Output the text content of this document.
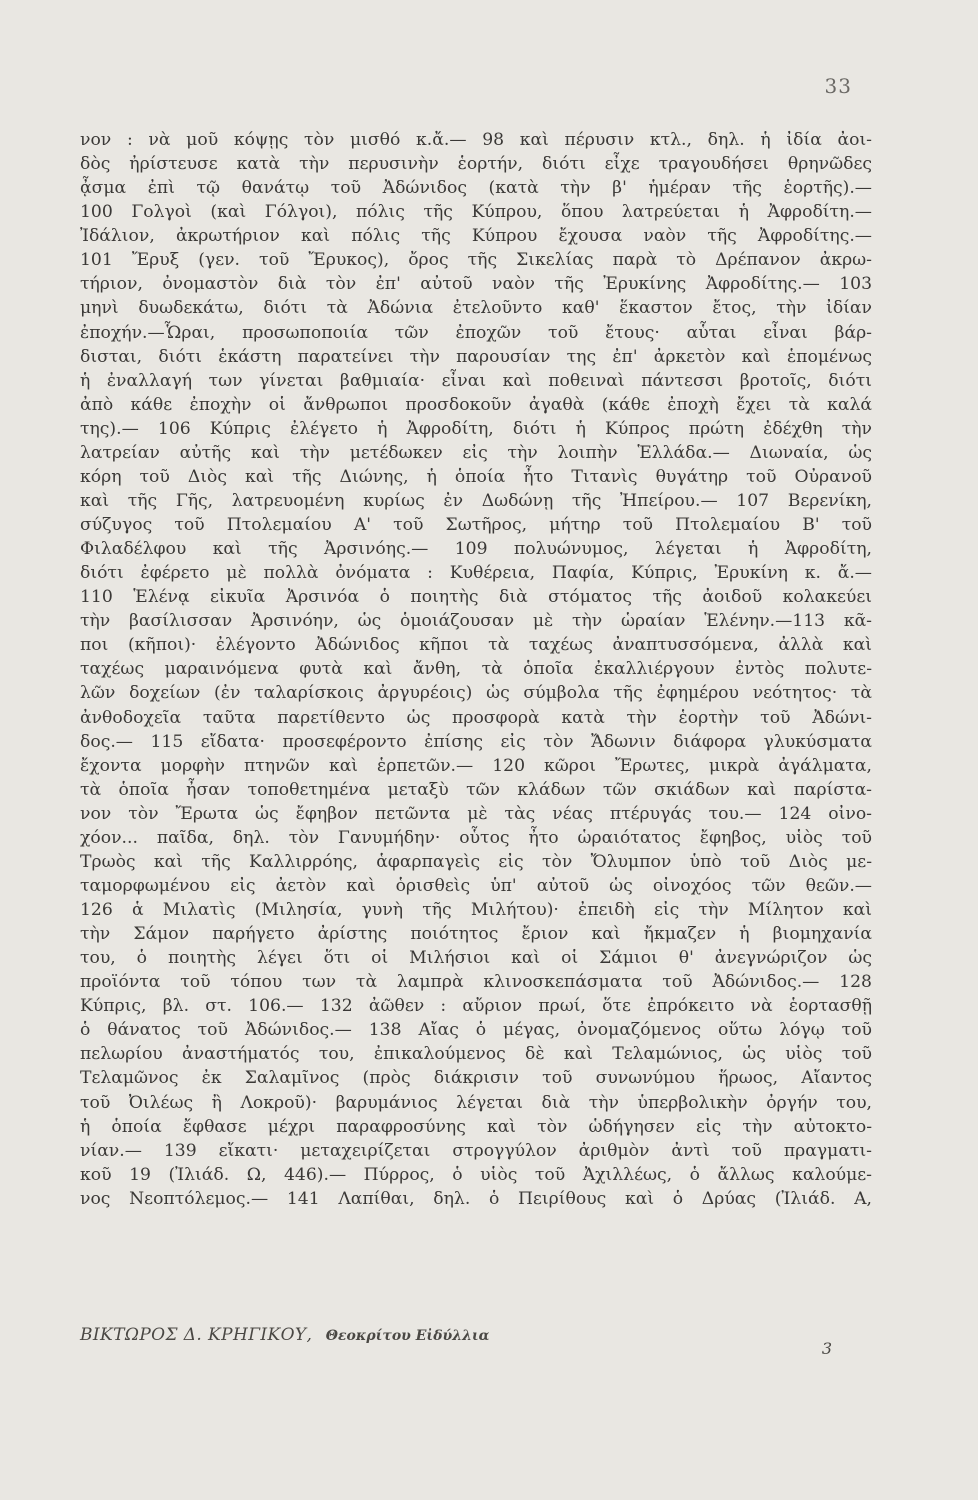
33
νον : νὰ μοῦ κόψῃς τὸν μισθό κ.ἄ.— 98 καὶ πέρυσιν κτλ., δηλ. ἡ ἰδία ἀοι-
δὸς ἠρίστευσε κατὰ τὴν περυσινὴν ἑορτήν, διότι εἶχε τραγουδήσει θρηνῶδες
ᾆσμα ἐπὶ τῷ θανάτῳ τοῦ Ἀδώνιδος (κατὰ τὴν β' ἡμέραν τῆς ἑορτῆς).—
100 Γολγοὶ (καὶ Γόλγοι), πόλις τῆς Κύπρου, ὅπου λατρεύεται ἡ Ἀφροδίτη.—
Ἰδάλιον, ἀκρωτήριον καὶ πόλις τῆς Κύπρου ἔχουσα ναὸν τῆς Ἀφροδίτης.—
101 Ἔρυξ (γεν. τοῦ Ἔρυκος), ὄρος τῆς Σικελίας παρὰ τὸ Δρέπανον ἀκρω-
τήριον, ὀνομαστὸν διὰ τὸν ἐπ' αὐτοῦ ναὸν τῆς Ἐρυκίνης Ἀφροδίτης.— 103
μηνὶ δυωδεκάτω, διότι τὰ Ἀδώνια ἐτελοῦντο καθ' ἕκαστον ἔτος, τὴν ἰδίαν
ἐποχήν.—Ὧραι, προσωποποιία τῶν ἐποχῶν τοῦ ἔτους· αὗται εἶναι βάρ-
δισται, διότι ἑκάστη παρατείνει τὴν παρουσίαν της ἐπ' ἀρκετὸν καὶ ἑπομένως
ἡ ἐναλλαγή των γίνεται βαθμιαία· εἶναι καὶ ποθειναὶ πάντεσσι βροτοῖς, διότι
ἀπὸ κάθε ἐποχὴν οἱ ἄνθρωποι προσδοκοῦν ἀγαθὰ (κάθε ἐποχὴ ἔχει τὰ καλά
της).— 106 Κύπρις ἐλέγετο ἡ Ἀφροδίτη, διότι ἡ Κύπρος πρώτη ἐδέχθη τὴν
λατρείαν αὐτῆς καὶ τὴν μετέδωκεν εἰς τὴν λοιπὴν Ἑλλάδα.— Διωναία, ὡς
κόρη τοῦ Διὸς καὶ τῆς Διώνης, ἡ ὁποία ἦτο Τιτανὶς θυγάτηρ τοῦ Οὐρανοῦ
καὶ τῆς Γῆς, λατρευομένη κυρίως ἐν Δωδώνῃ τῆς Ἠπείρου.— 107 Βερενίκη,
σύζυγος τοῦ Πτολεμαίου Α' τοῦ Σωτῆρος, μήτηρ τοῦ Πτολεμαίου Β' τοῦ
Φιλαδέλφου καὶ τῆς Ἀρσινόης.— 109 πολυώνυμος, λέγεται ἡ Ἀφροδίτη,
διότι ἐφέρετο μὲ πολλὰ ὀνόματα : Κυθέρεια, Παφία, Κύπρις, Ἐρυκίνη κ. ἄ.—
110 Ἑλένᾳ εἰκυῖα Ἀρσινόα ὁ ποιητὴς διὰ στόματος τῆς ἀοιδοῦ κολακεύει
τὴν βασίλισσαν Ἀρσινόην, ὡς ὁμοιάζουσαν μὲ τὴν ὡραίαν Ἑλένην.—113 κᾶ-
ποι (κῆποι)· ἐλέγοντο Ἀδώνιδος κῆποι τὰ ταχέως ἀναπτυσσόμενα, ἀλλὰ καὶ
ταχέως μαραινόμενα φυτὰ καὶ ἄνθη, τὰ ὁποῖα ἐκαλλιέργουν ἐντὸς πολυτε-
λῶν δοχείων (ἐν ταλαρίσκοις ἀργυρέοις) ὡς σύμβολα τῆς ἐφημέρου νεότητος· τὰ
ἀνθοδοχεῖα ταῦτα παρετίθεντο ὡς προσφορὰ κατὰ τὴν ἑορτὴν τοῦ Ἀδώνι-
δος.— 115 εἴδατα· προσεφέροντο ἐπίσης εἰς τὸν Ἄδωνιν διάφορα γλυκύσματα
ἔχοντα μορφὴν πτηνῶν καὶ ἑρπετῶν.— 120 κῶροι Ἔρωτες, μικρὰ ἀγάλματα,
τὰ ὁποῖα ἦσαν τοποθετημένα μεταξὺ τῶν κλάδων τῶν σκιάδων καὶ παρίστα-
νον τὸν Ἔρωτα ὡς ἔφηβον πετῶντα μὲ τὰς νέας πτέρυγάς του.— 124 οἰνο-
χόον... παῖδα, δηλ. τὸν Γανυμήδην· οὗτος ἦτο ὡραιότατος ἔφηβος, υἱὸς τοῦ
Τρωὸς καὶ τῆς Καλλιρρόης, ἁφαρπαγεὶς εἰς τὸν Ὄλυμπον ὑπὸ τοῦ Διὸς με-
ταμορφωμένου εἰς ἀετὸν καὶ ὁρισθεὶς ὑπ' αὐτοῦ ὡς οἰνοχόος τῶν θεῶν.—
126 ἁ Μιλατὶς (Μιλησία, γυνὴ τῆς Μιλήτου)· ἐπειδὴ εἰς τὴν Μίλητον καὶ
τὴν Σάμον παρήγετο ἀρίστης ποιότητος ἔριον καὶ ἤκμαζεν ἡ βιομηχανία
του, ὁ ποιητὴς λέγει ὅτι οἱ Μιλήσιοι καὶ οἱ Σάμιοι θ' ἀνεγνώριζον ὡς
προϊόντα τοῦ τόπου των τὰ λαμπρὰ κλινοσκεπάσματα τοῦ Ἀδώνιδος.— 128
Κύπρις, βλ. στ. 106.— 132 ἀῶθεν : αὔριον πρωί, ὅτε ἐπρόκειτο νὰ ἑορτασθῇ
ὁ θάνατος τοῦ Ἀδώνιδος.— 138 Αἴας ὁ μέγας, ὀνομαζόμενος οὕτω λόγῳ τοῦ
πελωρίου ἀναστήματός του, ἐπικαλούμενος δὲ καὶ Τελαμώνιος, ὡς υἱὸς τοῦ
Τελαμῶνος ἐκ Σαλαμῖνος (πρὸς διάκρισιν τοῦ συνωνύμου ἥρωος, Αἴαντος
τοῦ Ὀιλέως ἢ Λοκροῦ)· βαρυμάνιος λέγεται διὰ τὴν ὑπερβολικὴν ὀργήν του,
ἡ ὁποία ἔφθασε μέχρι παραφροσύνης καὶ τὸν ὡδήγησεν εἰς τὴν αὐτοκτο-
νίαν.— 139 εἴκατι· μεταχειρίζεται στρογγύλον ἀριθμὸν ἀντὶ τοῦ πραγματι-
κοῦ 19 (Ἰλιάδ. Ω, 446).— Πύρρος, ὁ υἱὸς τοῦ Ἀχιλλέως, ὁ ἄλλως καλούμε-
νος Νεοπτόλεμος.— 141 Λαπίθαι, δηλ. ὁ Πειρίθους καὶ ὁ Δρύας (Ἰλιάδ. Α,
ΒΙΚΤΩΡΟΣ Δ. ΚΡΗΓΙΚΟΥ, Θεοκρίτου Εἰδύλλια
3
